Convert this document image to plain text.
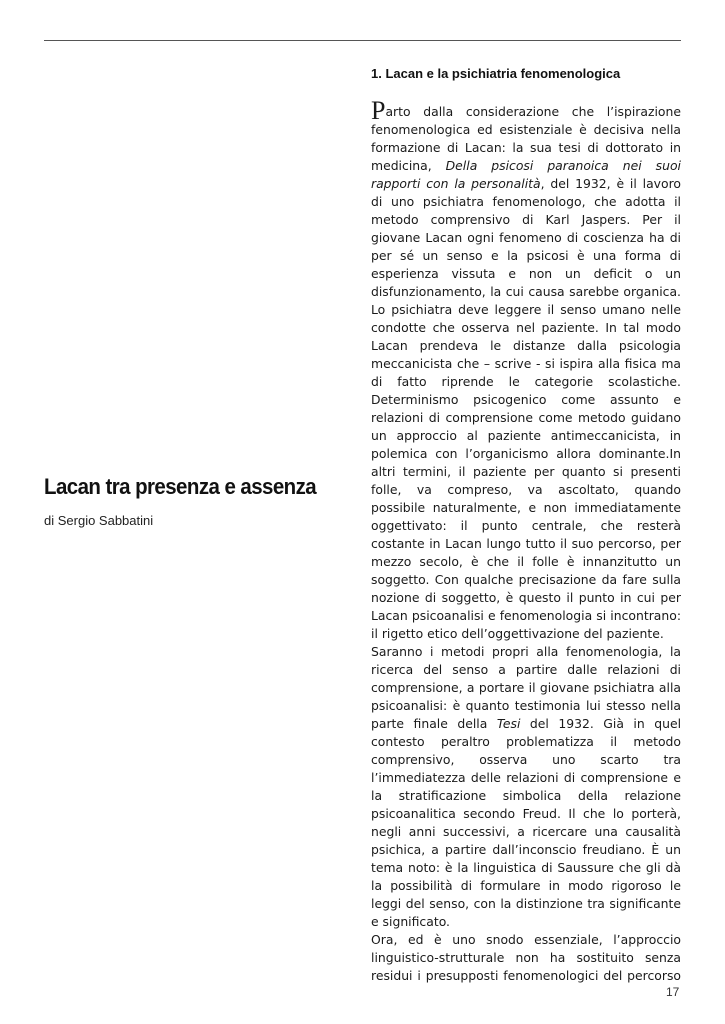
Lacan tra presenza e assenza
di Sergio Sabbatini
1. Lacan e la psichiatria fenomenologica

Parto dalla considerazione che l’ispirazione fenomenologica ed esistenziale è decisiva nella formazione di Lacan: la sua tesi di dottorato in medicina, Della psicosi paranoica nei suoi rapporti con la personalità, del 1932, è il lavoro di uno psichiatra fenomenologo, che adotta il metodo comprensivo di Karl Jaspers. Per il giovane Lacan ogni fenomeno di coscienza ha di per sé un senso e la psicosi è una forma di esperienza vissuta e non un deficit o un disfunzionamento, la cui causa sarebbe organica. Lo psichiatra deve leggere il senso umano nelle condotte che osserva nel paziente. In tal modo Lacan prendeva le distanze dalla psicologia meccanicista che – scrive - si ispira alla fisica ma di fatto riprende le categorie scolastiche. Determinismo psicogenico come assunto e relazioni di comprensione come metodo guidano un approccio al paziente antimeccanicista, in polemica con l’organicismo allora dominante.In altri termini, il paziente per quanto si presenti folle, va compreso, va ascoltato, quando possibile naturalmente, e non immediatamente oggettivato: il punto centrale, che resterà costante in Lacan lungo tutto il suo percorso, per mezzo secolo, è che il folle è innanzitutto un soggetto. Con qualche precisazione da fare sulla nozione di soggetto, è questo il punto in cui per Lacan psicoanalisi e fenomenologia si incontrano: il rigetto etico dell’oggettivazione del paziente.

Saranno i metodi propri alla fenomenologia, la ricerca del senso a partire dalle relazioni di comprensione, a portare il giovane psichiatra alla psicoanalisi: è quanto testimonia lui stesso nella parte finale della Tesi del 1932. Già in quel contesto peraltro problematizza il metodo comprensivo, osserva uno scarto tra l’immediatezza delle relazioni di comprensione e la stratificazione simbolica della relazione psicoanalitica secondo Freud. Il che lo porterà, negli anni successivi, a ricercare una causalità psichica, a partire dall’inconscio freudiano. È un tema noto: è la linguistica di Saussure che gli dà la possibilità di formulare in modo rigoroso le leggi del senso, con la distinzione tra significante e significato.

Ora, ed è uno snodo essenziale, l’approccio linguistico-strutturale non ha sostituito senza residui i presupposti fenomenologici del percorso

17
